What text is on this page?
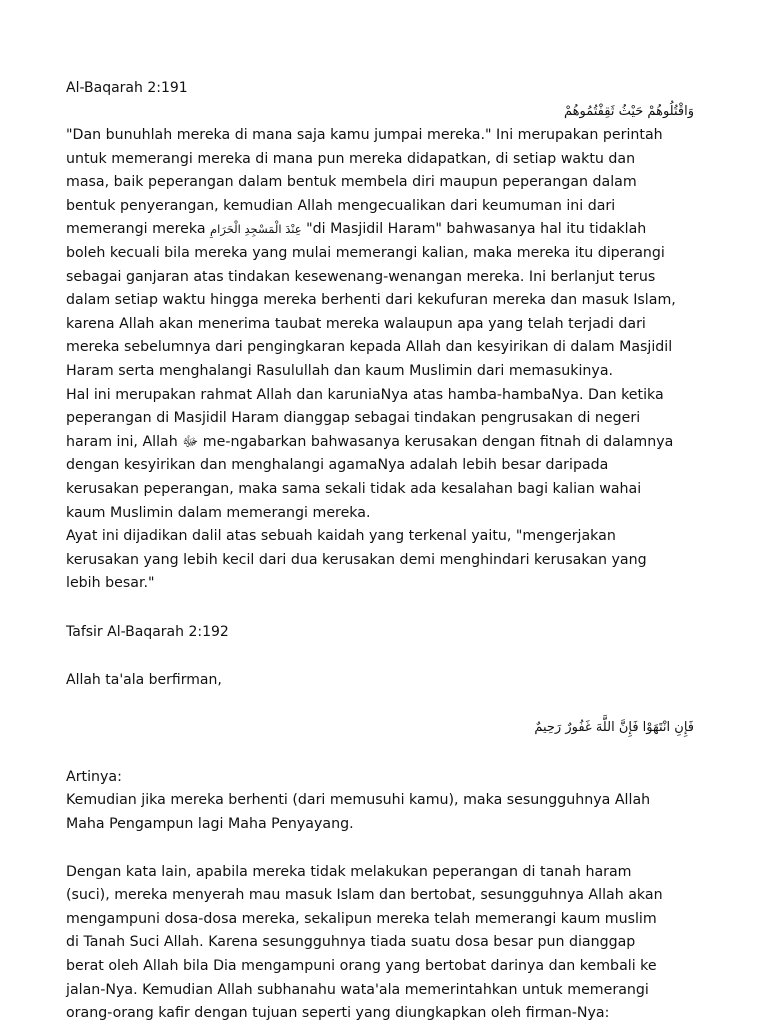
Al-Baqarah 2:191

وَاقْتُلُوهُمْ حَيْثُ ثَقِفْتُمُوهُمْ

"Dan bunuhlah mereka di mana saja kamu jumpai mereka." Ini merupakan perintah

untuk memerangi mereka di mana pun mereka didapatkan, di setiap waktu dan

masa, baik peperangan dalam bentuk membela diri maupun peperangan dalam

bentuk penyerangan, kemudian Allah mengecualikan dari keumuman ini dari

memerangi mereka عِنْدَ الْمَسْجِدِ الْحَرَامِ "di Masjidil Haram" bahwasanya hal itu tidaklah

boleh kecuali bila mereka yang mulai memerangi kalian, maka mereka itu diperangi

sebagai ganjaran atas tindakan kesewenang-wenangan mereka. Ini berlanjut terus

dalam setiap waktu hingga mereka berhenti dari kekufuran mereka dan masuk Islam,

karena Allah akan menerima taubat mereka walaupun apa yang telah terjadi dari

mereka sebelumnya dari pengingkaran kepada Allah dan kesyirikan di dalam Masjidil

Haram serta menghalangi Rasulullah dan kaum Muslimin dari memasukinya.

Hal ini merupakan rahmat Allah dan karuniaNya atas hamba-hambaNya. Dan ketika

peperangan di Masjidil Haram dianggap sebagai tindakan pengrusakan di negeri

haram ini, Allah ﷻ me-ngabarkan bahwasanya kerusakan dengan fitnah di dalamnya

dengan kesyirikan dan menghalangi agamaNya adalah lebih besar daripada

kerusakan peperangan, maka sama sekali tidak ada kesalahan bagi kalian wahai

kaum Muslimin dalam memerangi mereka.

Ayat ini dijadikan dalil atas sebuah kaidah yang terkenal yaitu, "mengerjakan

kerusakan yang lebih kecil dari dua kerusakan demi menghindari kerusakan yang

lebih besar."

Tafsir Al-Baqarah 2:192

Allah ta'ala berfirman,

فَإِنِ انْتَهَوْا فَإِنَّ اللَّهَ غَفُورٌ رَحِيمٌ

Artinya:

Kemudian jika mereka berhenti (dari memusuhi kamu), maka sesungguhnya Allah

Maha Pengampun lagi Maha Penyayang.

Dengan kata lain, apabila mereka tidak melakukan peperangan di tanah haram

(suci), mereka menyerah mau masuk Islam dan bertobat, sesungguhnya Allah akan

mengampuni dosa-dosa mereka, sekalipun mereka telah memerangi kaum muslim

di Tanah Suci Allah. Karena sesungguhnya tiada suatu dosa besar pun dianggap

berat oleh Allah bila Dia mengampuni orang yang bertobat darinya dan kembali ke

jalan-Nya. Kemudian Allah subhanahu wata'ala memerintahkan untuk memerangi

orang-orang kafir dengan tujuan seperti yang diungkapkan oleh firman-Nya:
